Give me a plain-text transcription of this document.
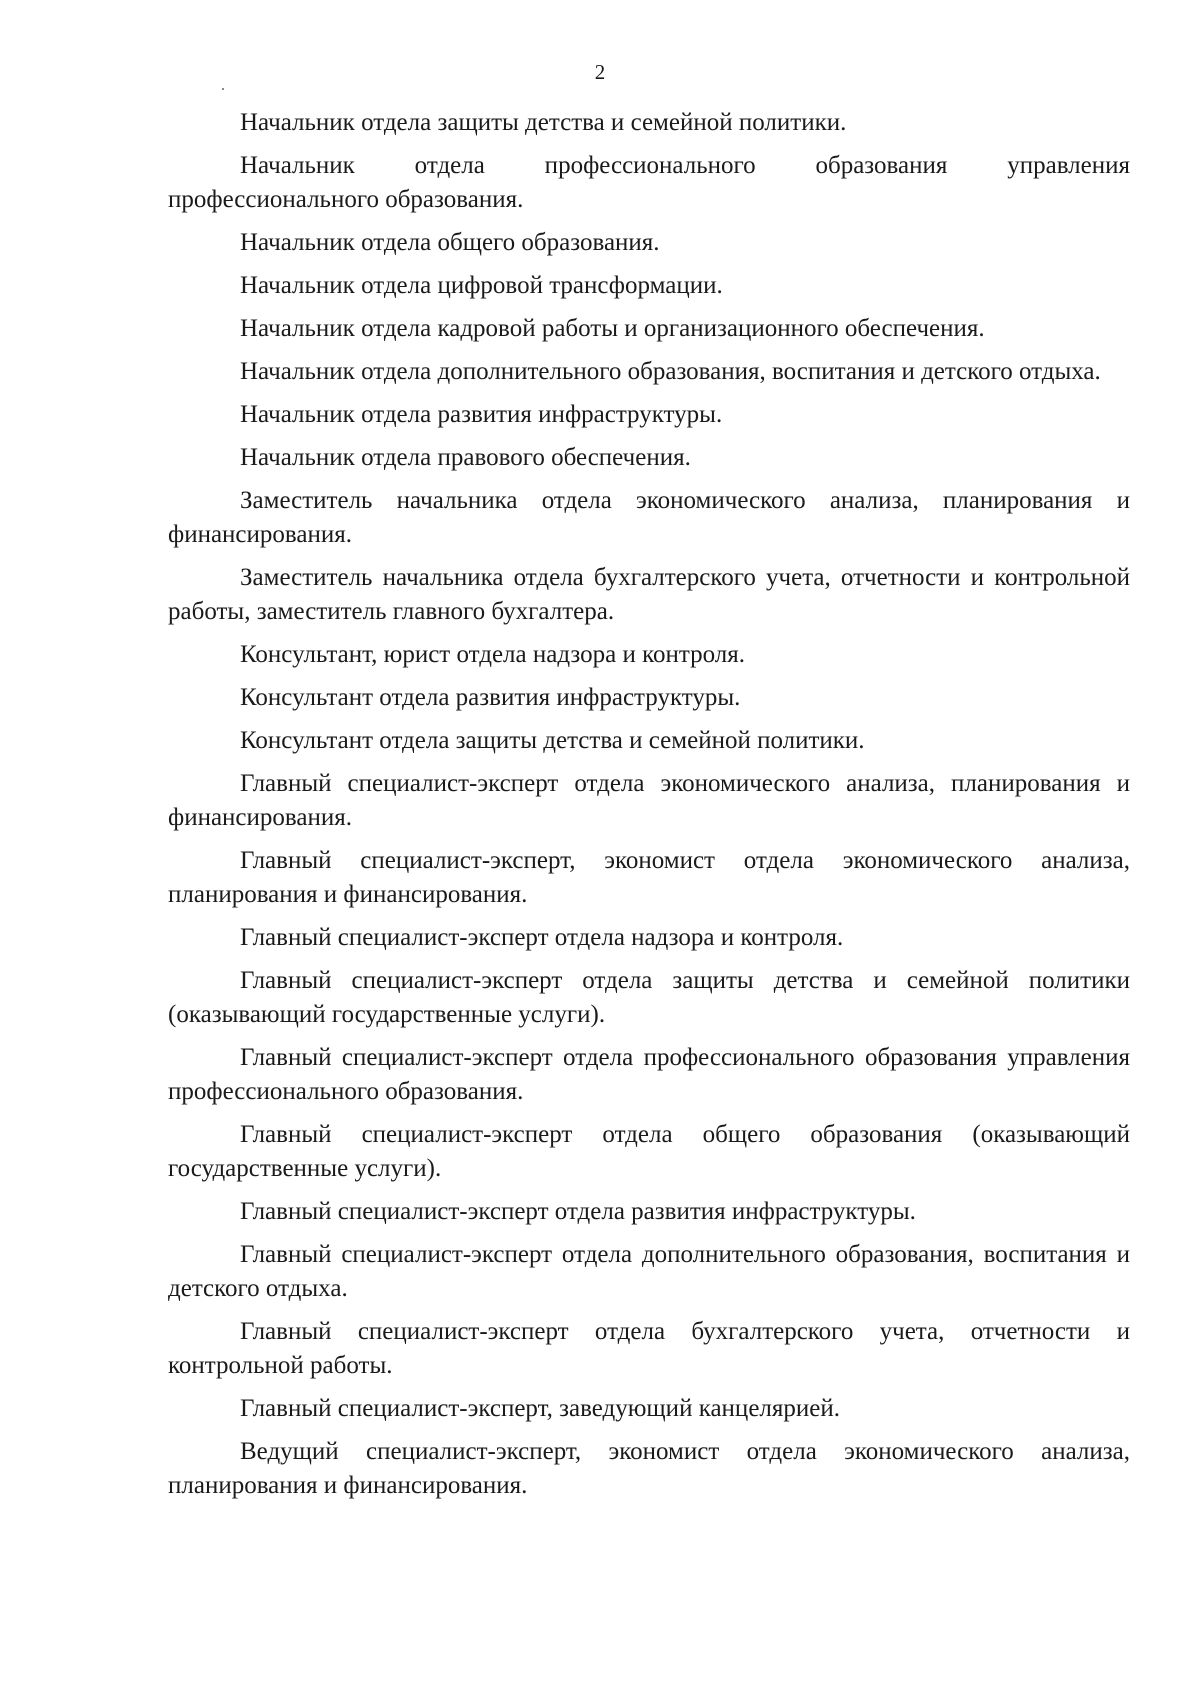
2

Начальник отдела защиты детства и семейной политики.

Начальник отдела профессионального образования управления профессионального образования.

Начальник отдела общего образования.

Начальник отдела цифровой трансформации.

Начальник отдела кадровой работы и организационного обеспечения.

Начальник отдела дополнительного образования, воспитания и детского отдыха.

Начальник отдела развития инфраструктуры.

Начальник отдела правового обеспечения.

Заместитель начальника отдела экономического анализа, планирования и финансирования.

Заместитель начальника отдела бухгалтерского учета, отчетности и контрольной работы, заместитель главного бухгалтера.

Консультант, юрист отдела надзора и контроля.

Консультант отдела развития инфраструктуры.

Консультант отдела защиты детства и семейной политики.

Главный специалист-эксперт отдела экономического анализа, планирования и финансирования.

Главный специалист-эксперт, экономист отдела экономического анализа, планирования и финансирования.

Главный специалист-эксперт отдела надзора и контроля.

Главный специалист-эксперт отдела защиты детства и семейной политики (оказывающий государственные услуги).

Главный специалист-эксперт отдела профессионального образования управления профессионального образования.

Главный специалист-эксперт отдела общего образования (оказывающий государственные услуги).

Главный специалист-эксперт отдела развития инфраструктуры.

Главный специалист-эксперт отдела дополнительного образования, воспитания и детского отдыха.

Главный специалист-эксперт отдела бухгалтерского учета, отчетности и контрольной работы.

Главный специалист-эксперт, заведующий канцелярией.

Ведущий специалист-эксперт, экономист отдела экономического анализа, планирования и финансирования.
